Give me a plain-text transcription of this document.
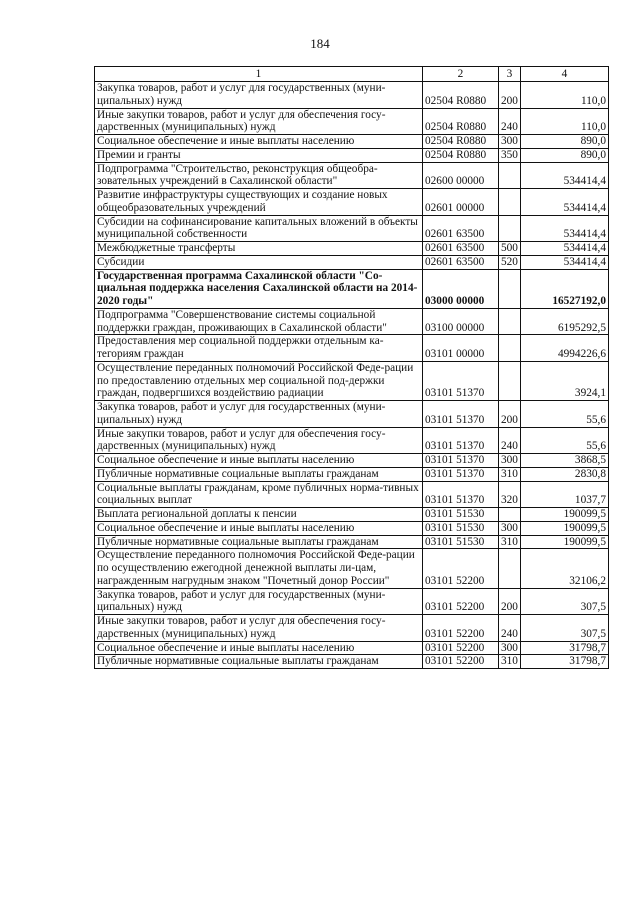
184
1	2	3	4
Закупка товаров, работ и услуг для государственных (муни-ципальных) нужд	02504 R0880	200	110,0
Иные закупки товаров, работ и услуг для обеспечения госу-дарственных (муниципальных) нужд	02504 R0880	240	110,0
Социальное обеспечение и иные выплаты населению	02504 R0880	300	890,0
Премии и гранты	02504 R0880	350	890,0
Подпрограмма "Строительство, реконструкция общеобра-зовательных учреждений в Сахалинской области"	02600 00000		534414,4
Развитие инфраструктуры существующих и создание новых общеобразовательных учреждений	02601 00000		534414,4
Субсидии на софинансирование капитальных вложений в объекты муниципальной собственности	02601 63500		534414,4
Межбюджетные трансферты	02601 63500	500	534414,4
Субсидии	02601 63500	520	534414,4
Государственная программа Сахалинской области "Со-циальная поддержка населения Сахалинской области на 2014-2020 годы"	03000 00000		16527192,0
Подпрограмма "Совершенствование системы социальной поддержки граждан, проживающих в Сахалинской области"	03100 00000		6195292,5
Предоставления мер социальной поддержки отдельным ка-тегориям граждан	03101 00000		4994226,6
Осуществление переданных полномочий Российской Феде-рации по предоставлению отдельных мер социальной под-держки граждан, подвергшихся воздействию радиации	03101 51370		3924,1
Закупка товаров, работ и услуг для государственных (муни-ципальных) нужд	03101 51370	200	55,6
Иные закупки товаров, работ и услуг для обеспечения госу-дарственных (муниципальных) нужд	03101 51370	240	55,6
Социальное обеспечение и иные выплаты населению	03101 51370	300	3868,5
Публичные нормативные социальные выплаты гражданам	03101 51370	310	2830,8
Социальные выплаты гражданам, кроме публичных норма-тивных социальных выплат	03101 51370	320	1037,7
Выплата региональной доплаты к пенсии	03101 51530		190099,5
Социальное обеспечение и иные выплаты населению	03101 51530	300	190099,5
Публичные нормативные социальные выплаты гражданам	03101 51530	310	190099,5
Осуществление переданного полномочия Российской Феде-рации по осуществлению ежегодной денежной выплаты ли-цам, награжденным нагрудным знаком "Почетный донор России"	03101 52200		32106,2
Закупка товаров, работ и услуг для государственных (муни-ципальных) нужд	03101 52200	200	307,5
Иные закупки товаров, работ и услуг для обеспечения госу-дарственных (муниципальных) нужд	03101 52200	240	307,5
Социальное обеспечение и иные выплаты населению	03101 52200	300	31798,7
Публичные нормативные социальные выплаты гражданам	03101 52200	310	31798,7
